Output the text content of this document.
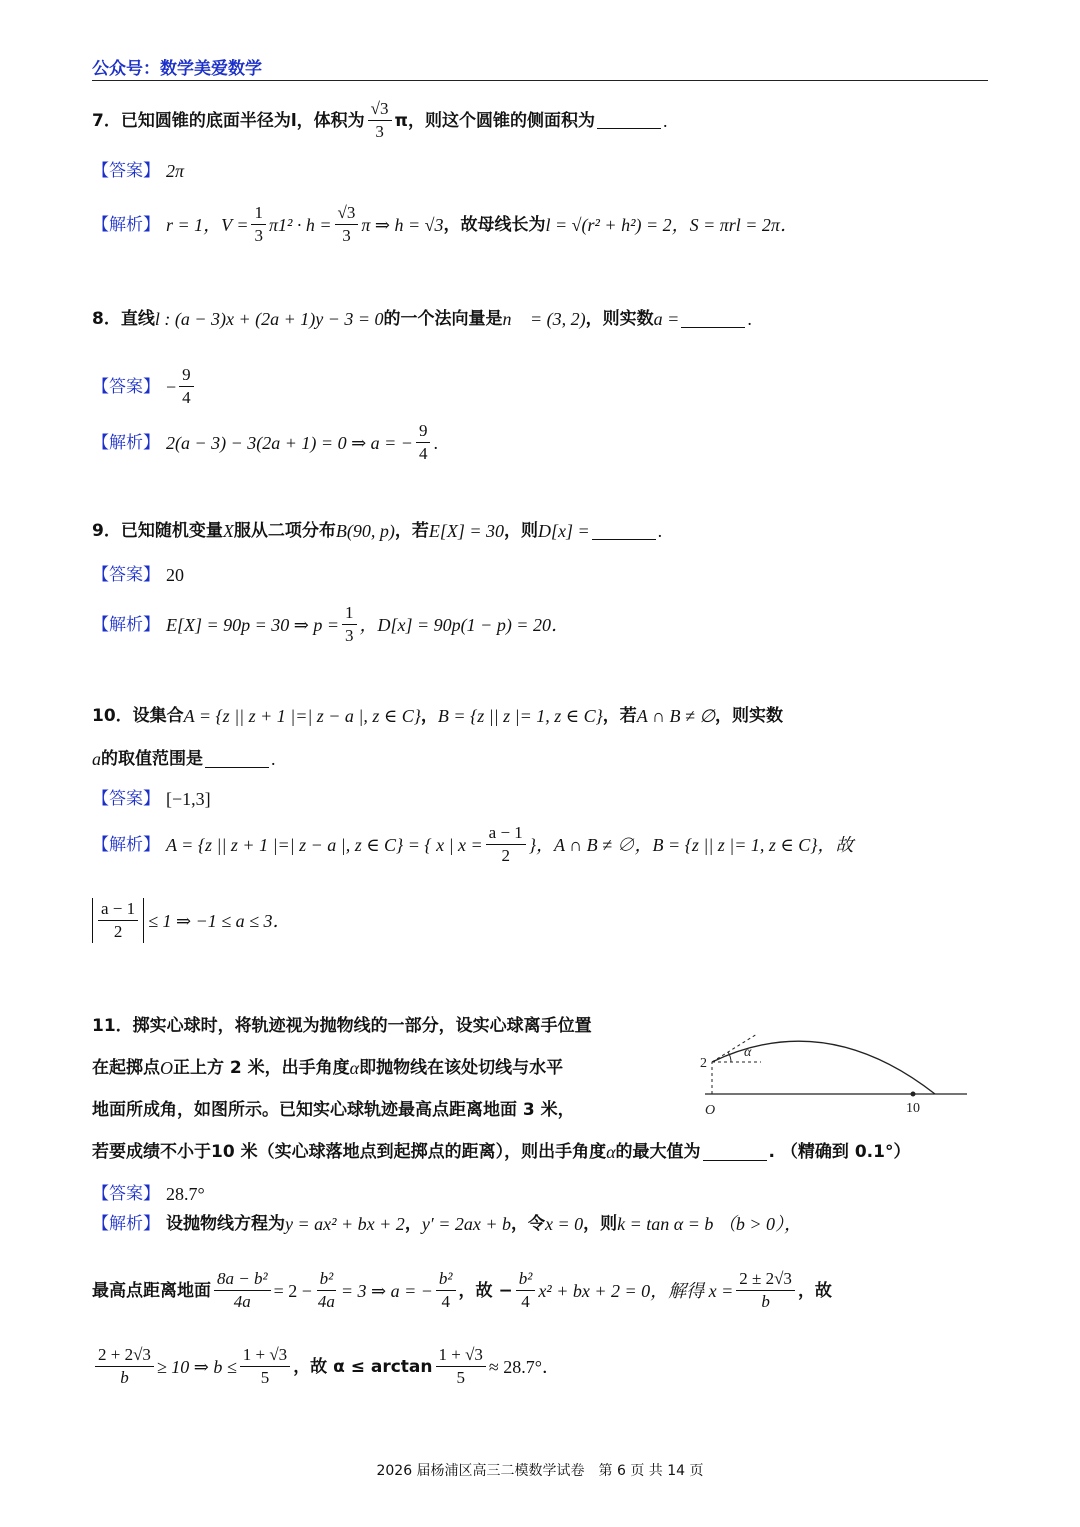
公众号：数学美爱数学
7．已知圆锥的底面半径为 l，体积为 $\frac{√3}{3}$ π，则这个圆锥的侧面积为	.
【答案】 2π
【解析】 r = 1，$V = \frac{1}{3} \pi 1^2 \cdot h = \frac{√3}{3}$ π ⇒ h = √3 ，故母线长为 l = √(r² + h²) = 2，S = πrl = 2π．
8．直线 l : (a − 3)x + (2a + 1)y − 3 = 0 的一个法向量是 n⃗ = (3, 2) ，则实数 a =	.
【答案】 − $\frac{9}{4}$
【解析】 2(a − 3) − 3(2a + 1) = 0 ⇒ a = − $\frac{9}{4}$ .
9．已知随机变量 X 服从二项分布 B(90, p) ，若 E[X] = 30 ，则 D[x] =	.
【答案】 20
【解析】 E[X] = 90p = 30 ⇒ $p = \frac{1}{3}$ ，D[x] = 90p(1 − p) = 20．
10．设集合 A = {z || z + 1 |=| z − a |, z ∈ C} ， B = {z || z |= 1, z ∈ C} ，若 A ∩ B ≠ ∅ ，则实数
a 的取值范围是	.
【答案】 [−1,3]
【解析】 A = {z || z + 1 |=| z − a |, z ∈ C} = { x | $x = \frac{a - 1}{2}$ }，A ∩ B ≠ ∅，B = {z || z |= 1, z ∈ C}，故
$\frac{a - 1}{2} \le 1$ ⇒ −1 ≤ a ≤ 3．
11．掷实心球时，将轨迹视为抛物线的一部分，设实心球离手位置
在起掷点 O 正上方 2 米，出手角度 α 即抛物线在该处切线与水平
地面所成角，如图所示。已知实心球轨迹最高点距离地面 3 米，
若要成绩不小于10 米（实心球落地点到起掷点的距离），则出手角度 α 的最大值为	. （精确到 0.1°）
【答案】 28.7°
【解析】 设抛物线方程为 y = ax² + bx + 2 ， y′ = 2ax + b ，令 x = 0 ，则 k = tan α = b （b > 0），
最高点距离地面 $\frac{\text{8a − b²}}{4a} = 2 - \frac{\text{b²}}{4a} = 3$ ⇒ a = − $\frac{\text{b²}}{4}$ ，故 − $\frac{\text{b²}}{4} x^2$ + bx + 2 = 0，解得 $x = \frac{2 \pm 2√3}{b}$ ，故
$\frac{2 + 2√3}{b} \ge 10$ ⇒ $b \le \frac{1 + √3}{5}$ ，故 $\alpha \le \arctan \frac{1 + √3}{5} \approx 28.7^\circ$．
2
α
O	10
2026 届杨浦区高三二模数学试卷　第 6 页 共 14 页
